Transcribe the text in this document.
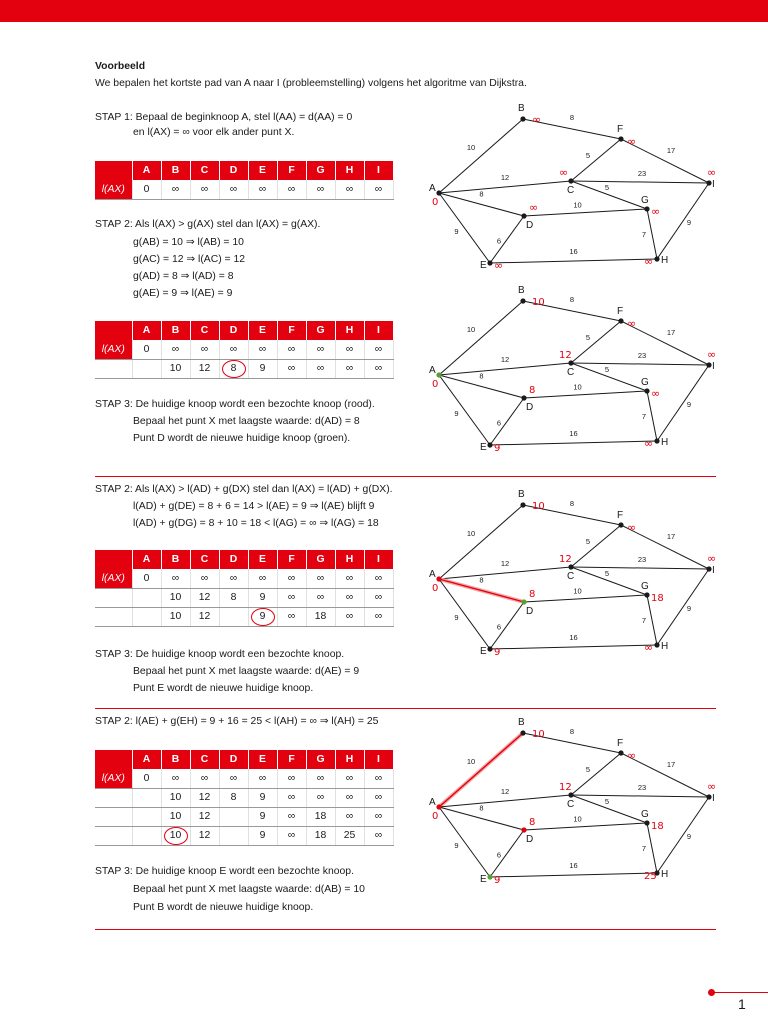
Voorbeeld
We bepalen het kortste pad van A naar I (probleemstelling) volgens het algoritme van Dijkstra.
STAP 1: Bepaal de beginknoop A, stel l(AA) = d(AA) = 0
en l(AX) = ∞ voor elk ander punt X.
	A	B	C	D	E	F	G	H	I
l(AX)	0	∞	∞	∞	∞	∞	∞	∞	∞
STAP 2: Als l(AX) > g(AX) stel dan l(AX) = g(AX).
g(AB) = 10 ⇒ l(AB) = 10
g(AC) = 12 ⇒ l(AC) = 12
g(AD) = 8 ⇒ l(AD) = 8
g(AE) = 9 ⇒ l(AE) = 9
	A	B	C	D	E	F	G	H	I
l(AX)	0	∞	∞	∞	∞	∞	∞	∞	∞
		10	12	8	9	∞	∞	∞	∞
STAP 3: De huidige knoop wordt een bezochte knoop (rood).
Bepaal het punt X met laagste waarde: d(AD) = 8
Punt D wordt de nieuwe huidige knoop (groen).
STAP 2: Als l(AX) > l(AD) + g(DX) stel dan l(AX) = l(AD) + g(DX).
l(AD) + g(DE) = 8 + 6 = 14 > l(AE) = 9 ⇒ l(AE) blijft 9
l(AD) + g(DG) = 8 + 10 = 18 < l(AG) = ∞ ⇒ l(AG) = 18
	A	B	C	D	E	F	G	H	I
l(AX)	0	∞	∞	∞	∞	∞	∞	∞	∞
		10	12	8	9	∞	∞	∞	∞
		10	12		9	∞	18	∞	∞
STAP 3: De huidige knoop wordt een bezochte knoop.
Bepaal het punt X met laagste waarde: d(AE) = 9
Punt E wordt de nieuwe huidige knoop.
STAP 2: l(AE) + g(EH) = 9 + 16 = 25 < l(AH) = ∞ ⇒ l(AH) = 25
	A	B	C	D	E	F	G	H	I
l(AX)	0	∞	∞	∞	∞	∞	∞	∞	∞
		10	12	8	9	∞	∞	∞	∞
		10	12		9	∞	18	∞	∞
		10	12		9	∞	18	25	∞
STAP 3: De huidige knoop E wordt een bezochte knoop.
Bepaal het punt X met laagste waarde: d(AB) = 10
Punt B wordt de nieuwe huidige knoop.
10
8
17
5
12	23
5
8
10
9
6
16
7
9
A
0
B
∞
C
∞
D
∞
E ∞
F
∞
G
∞
H
∞
I
∞
10
8
17
5
12	23
5
8
10
9
6
16
7
9
A
0
B
10
C
12
D
8
E 9
F
∞
G
∞
H
∞
I
∞
10
8
17
5
12	23
5
8
10
9
6
16
7
9
A
0
B
10
C
12
D
8
E 9
F
∞
G
18
H
∞
I
∞
10
8
17
5
12	23
5
8
10
9
6
16
7
9
A
0
B
10
C
12
D
8
E 9
F
∞
G
18
H
25
I
∞
1
